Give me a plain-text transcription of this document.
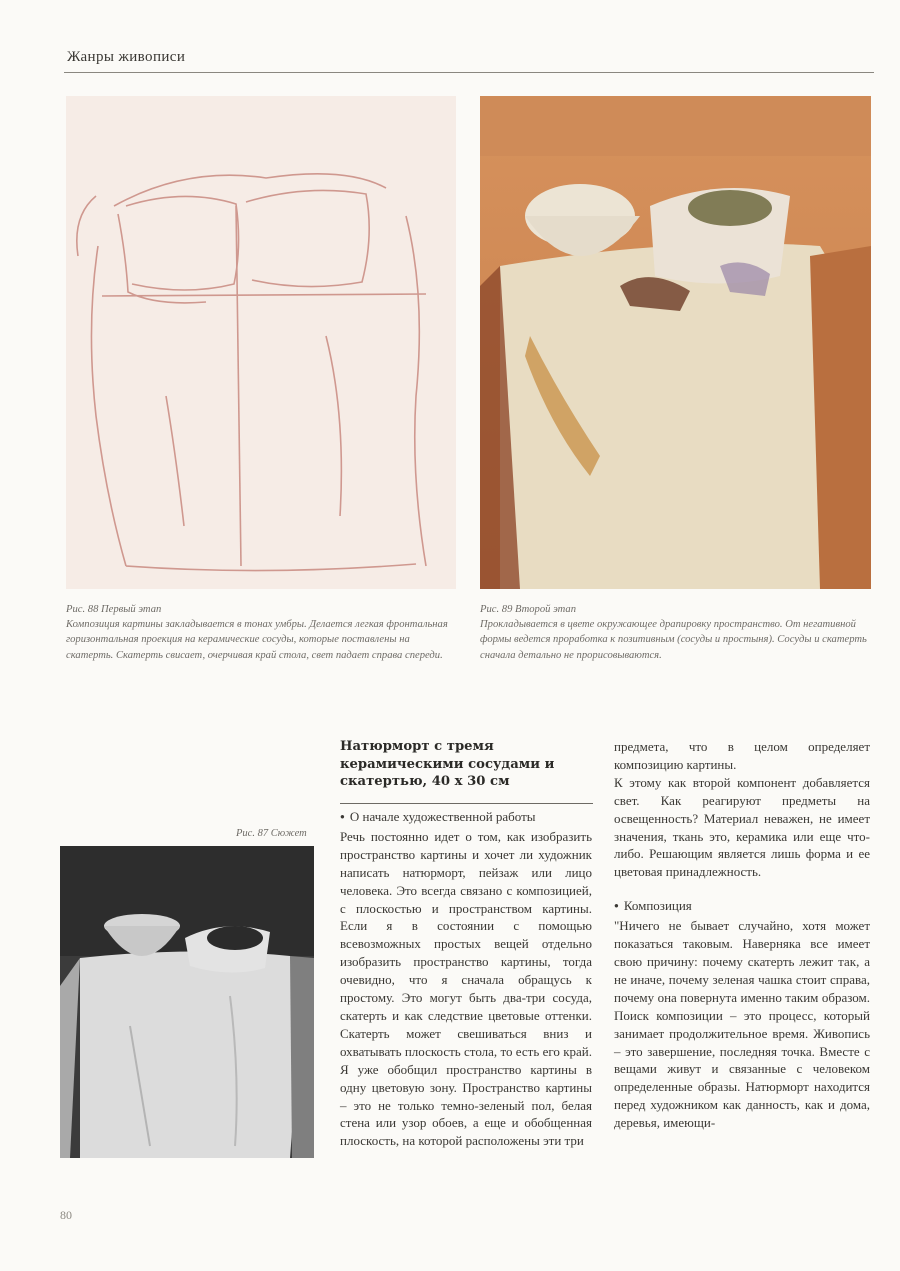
Жанры живописи
Рис. 88 Первый этап
Композиция картины закладывается в тонах умбры. Делается легкая фронтальная горизонтальная проекция на керамические сосуды, которые поставлены на скатерть. Скатерть свисает, очерчивая край стола, свет падает справа спереди.
Рис. 89 Второй этап
Прокладывается в цвете окружающее драпировку пространство. От негативной формы ведется проработка к позитивным (сосуды и простыня). Сосуды и скатерть сначала детально не прорисовываются.
Рис. 87 Сюжет
Натюрморт с тремя керамическими сосудами и скатертью, 40 x 30 см
● О начале художественной работы

Речь постоянно идет о том, как изобразить пространство картины и хочет ли художник написать натюрморт, пейзаж или лицо человека. Это всегда связано с композицией, с плоскостью и пространством картины. Если я в состоянии с помощью всевозможных простых вещей отдельно изобразить пространство картины, тогда очевидно, что я сначала обращусь к простому. Это могут быть два-три сосуда, скатерть и как следствие цветовые оттенки. Скатерть может свешиваться вниз и охватывать плоскость стола, то есть его край. Я уже обобщил пространство картины в одну цветовую зону. Пространство картины – это не только темно-зеленый пол, белая стена или узор обоев, а еще и обобщенная плоскость, на которой расположены эти три

предмета, что в целом определяет композицию картины.

К этому как второй компонент добавляется свет. Как реагируют предметы на освещенность? Материал неважен, не имеет значения, ткань это, керамика или еще что-либо. Решающим является лишь форма и ее цветовая принадлежность.

● Композиция

"Ничего не бывает случайно, хотя может показаться таковым. Наверняка все имеет свою причину: почему скатерть лежит так, а не иначе, почему зеленая чашка стоит справа, почему она повернута именно таким образом. Поиск композиции – это процесс, который занимает продолжительное время. Живопись – это завершение, последняя точка. Вместе с вещами живут и связанные с человеком определенные образы. Натюрморт находится перед художником как данность, как и дома, деревья, имеющи-

80
